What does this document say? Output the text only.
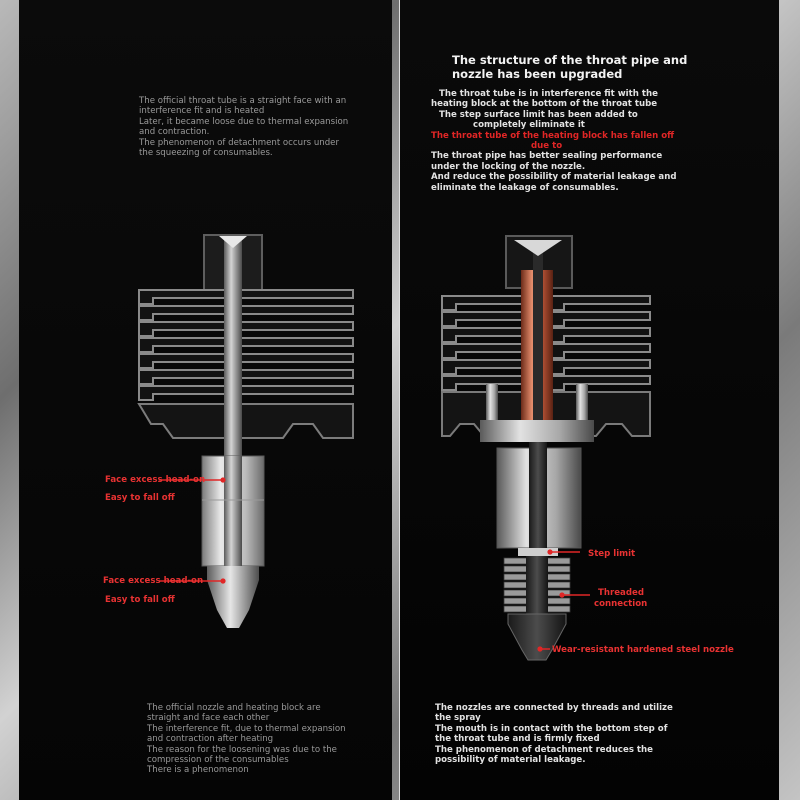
The official throat tube is a straight face with an

interference fit and is heated

Later, it became loose due to thermal expansion

and contraction.

The phenomenon of detachment occurs under

the squeezing of consumables.

Face excess head-on
Easy to fall off
Face excess head-on
Easy to fall off

The official nozzle and heating block are

straight and face each other

The interference fit, due to thermal expansion

and contraction after heating

The reason for the loosening was due to the

compression of the consumables

There is a phenomenon

The structure of the throat pipe and
nozzle has been upgraded

The throat tube is in interference fit with the

heating block at the bottom of the throat tube

The step surface limit has been added to

completely eliminate it

The throat tube of the heating block has fallen off

due to

The throat pipe has better sealing performance

under the locking of the nozzle.

And reduce the possibility of material leakage and

eliminate the leakage of consumables.

Step limit
Threaded
connection
Wear-resistant hardened steel nozzle

The nozzles are connected by threads and utilize

the spray

The mouth is in contact with the bottom step of

the throat tube and is firmly fixed

The phenomenon of detachment reduces the

possibility of material leakage.
